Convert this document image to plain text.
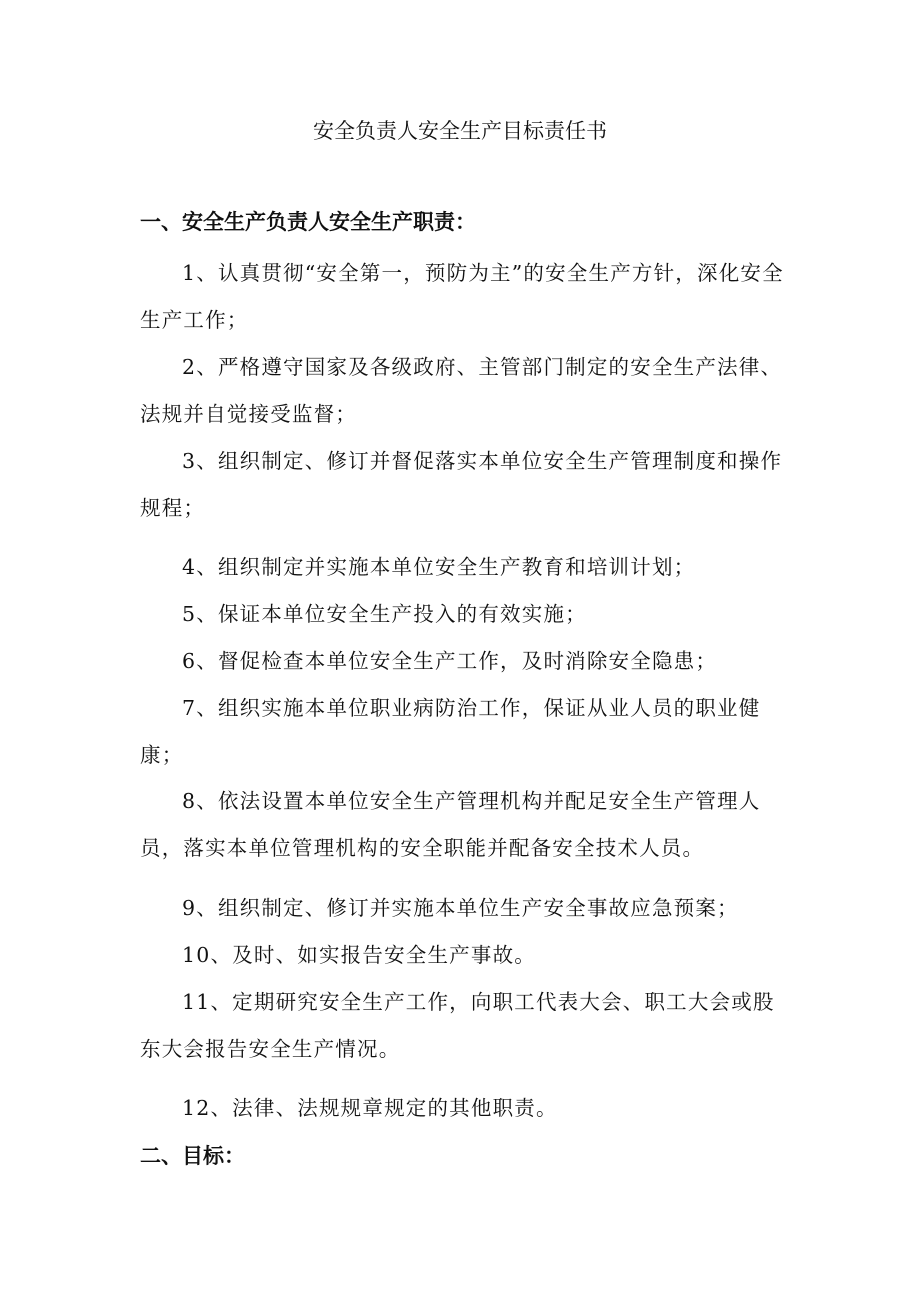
安全负责人安全生产目标责任书
一、安全生产负责人安全生产职责：
1、认真贯彻“安全第一，预防为主”的安全生产方针，深化安全生产工作；
2、严格遵守国家及各级政府、主管部门制定的安全生产法律、法规并自觉接受监督；
3、组织制定、修订并督促落实本单位安全生产管理制度和操作规程；
4、组织制定并实施本单位安全生产教育和培训计划；
5、保证本单位安全生产投入的有效实施；
6、督促检查本单位安全生产工作，及时消除安全隐患；
7、组织实施本单位职业病防治工作，保证从业人员的职业健康；
8、依法设置本单位安全生产管理机构并配足安全生产管理人员，落实本单位管理机构的安全职能并配备安全技术人员。
9、组织制定、修订并实施本单位生产安全事故应急预案；
10、及时、如实报告安全生产事故。
11、定期研究安全生产工作，向职工代表大会、职工大会或股东大会报告安全生产情况。
12、法律、法规规章规定的其他职责。
二、目标：
